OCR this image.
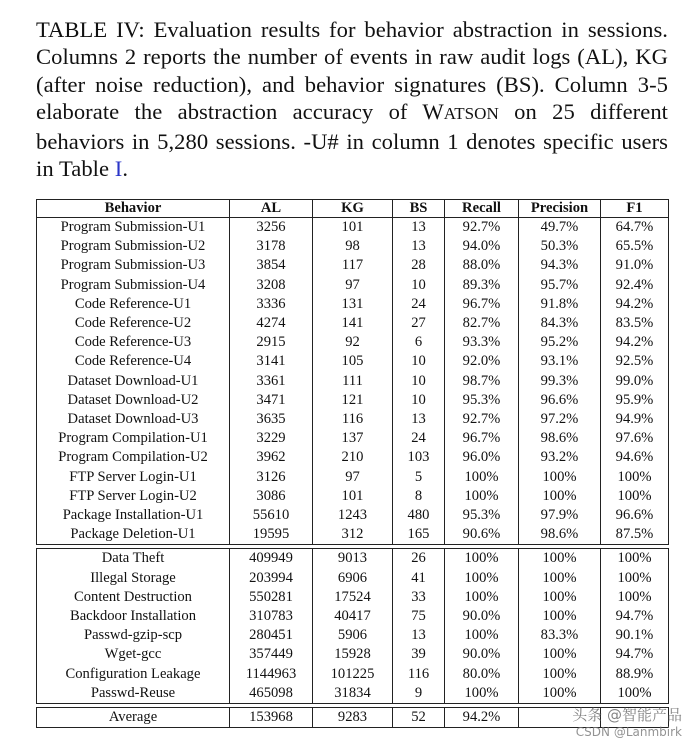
TABLE IV: Evaluation results for behavior abstraction in sessions. Columns 2 reports the number of events in raw audit logs (AL), KG (after noise reduction), and behavior signatures (BS). Column 3-5 elaborate the abstraction accuracy of WATSON on 25 different behaviors in 5,280 sessions. -U# in column 1 denotes specific users in Table I.
Behavior	AL	KG	BS	Recall	Precision	F1
Program Submission-U1	3256	101	13	92.7%	49.7%	64.7%
Program Submission-U2	3178	98	13	94.0%	50.3%	65.5%
Program Submission-U3	3854	117	28	88.0%	94.3%	91.0%
Program Submission-U4	3208	97	10	89.3%	95.7%	92.4%
Code Reference-U1	3336	131	24	96.7%	91.8%	94.2%
Code Reference-U2	4274	141	27	82.7%	84.3%	83.5%
Code Reference-U3	2915	92	6	93.3%	95.2%	94.2%
Code Reference-U4	3141	105	10	92.0%	93.1%	92.5%
Dataset Download-U1	3361	111	10	98.7%	99.3%	99.0%
Dataset Download-U2	3471	121	10	95.3%	96.6%	95.9%
Dataset Download-U3	3635	116	13	92.7%	97.2%	94.9%
Program Compilation-U1	3229	137	24	96.7%	98.6%	97.6%
Program Compilation-U2	3962	210	103	96.0%	93.2%	94.6%
FTP Server Login-U1	3126	97	5	100%	100%	100%
FTP Server Login-U2	3086	101	8	100%	100%	100%
Package Installation-U1	55610	1243	480	95.3%	97.9%	96.6%
Package Deletion-U1	19595	312	165	90.6%	98.6%	87.5%

Data Theft	409949	9013	26	100%	100%	100%
Illegal Storage	203994	6906	41	100%	100%	100%
Content Destruction	550281	17524	33	100%	100%	100%
Backdoor Installation	310783	40417	75	90.0%	100%	94.7%
Passwd-gzip-scp	280451	5906	13	100%	83.3%	90.1%
Wget-gcc	357449	15928	39	90.0%	100%	94.7%
Configuration Leakage	1144963	101225	116	80.0%	100%	88.9%
Passwd-Reuse	465098	31834	9	100%	100%	100%

Average	153968	9283	52	94.2%			头条 @智能产品
CSDN @Lanmbirk
